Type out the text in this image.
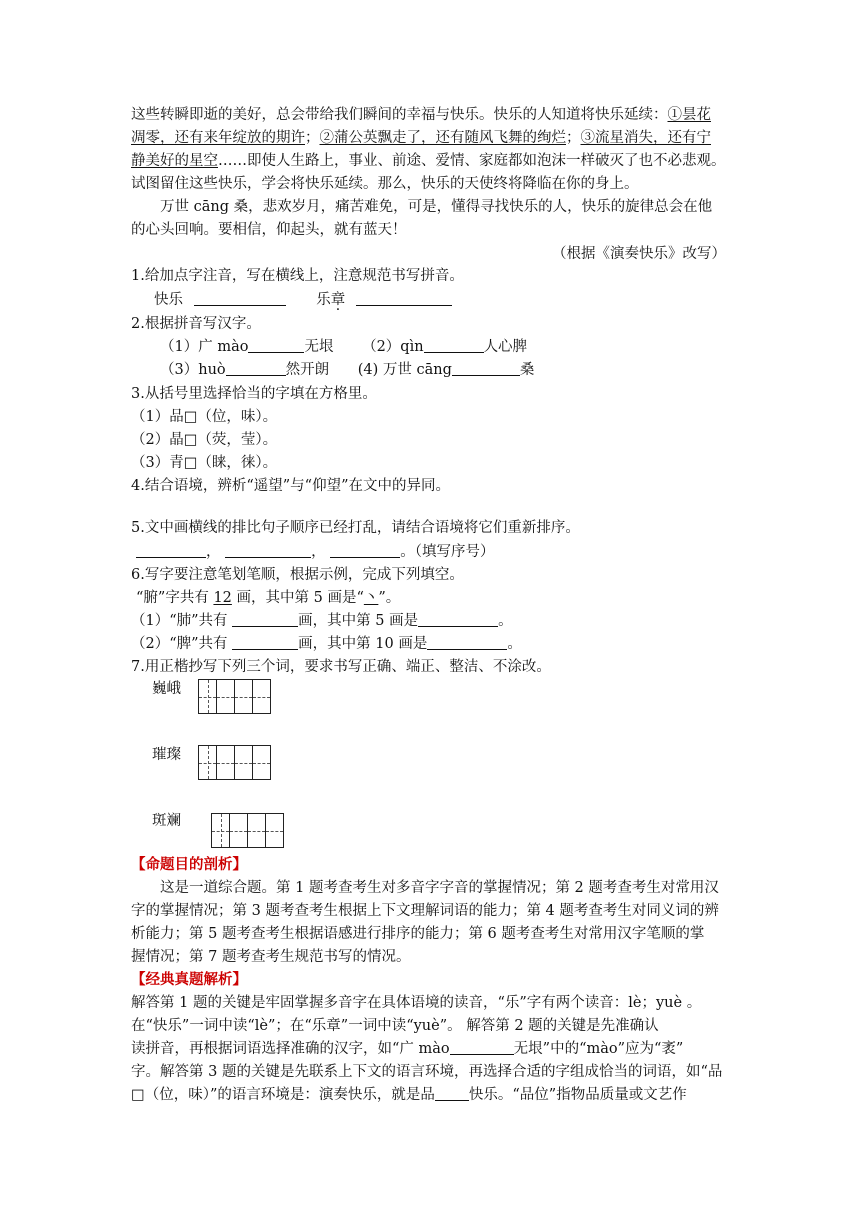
这些转瞬即逝的美好，总会带给我们瞬间的幸福与快乐。快乐的人知道将快乐延续：①昙花
凋零，还有来年绽放的期许；②蒲公英飘走了，还有随风飞舞的绚烂；③流星消失，还有宁
静美好的星空……即使人生路上，事业、前途、爱情、家庭都如泡沫一样破灭了也不必悲观。
试图留住这些快乐，学会将快乐延续。那么，快乐的天使终将降临在你的身上。
万世 cāng 桑，悲欢岁月，痛苦难免，可是，懂得寻找快乐的人，快乐的旋律总会在他
的心头回响。要相信，仰起头，就有蓝天！
（根据《演奏快乐》改写）
1.给加点字注音，写在横线上，注意规范书写拼音。
快乐	乐章
2.根据拼音写汉字。
（1）广 mào	无垠 （2）qìn	人心脾
（3）huò	然开朗 (4) 万世 cāng	桑
3.从括号里选择恰当的字填在方格里。
（1）品□（位，味）。
（2）晶□（荧，莹）。
（3）青□（睐，徕）。
4.结合语境，辨析“遥望”与“仰望”在文中的异同。
5.文中画横线的排比句子顺序已经打乱，请结合语境将它们重新排序。
，	，	。（填写序号）
6.写字要注意笔划笔顺，根据示例，完成下列填空。
“腑”字共有 12 画，其中第 5 画是“丶”。
（1）“肺”共有	画，其中第 5 画是	。
（2）“脾”共有	画，其中第 10 画是	。
7.用正楷抄写下列三个词，要求书写正确、端正、整洁、不涂改。
巍峨
璀璨
斑斓
【命题目的剖析】
这是一道综合题。第 1 题考查考生对多音字字音的掌握情况；第 2 题考查考生对常用汉
字的掌握情况；第 3 题考查考生根据上下文理解词语的能力；第 4 题考查考生对同义词的辨
析能力；第 5 题考查考生根据语感进行排序的能力；第 6 题考查考生对常用汉字笔顺的掌
握情况；第 7 题考查考生规范书写的情况。
【经典真题解析】
解答第 1 题的关键是牢固掌握多音字在具体语境的读音，“乐”字有两个读音：lè；yuè 。
在“快乐”一词中读“lè”；在“乐章”一词中读“yuè”。 解答第 2 题的关键是先准确认
读拼音，再根据词语选择准确的汉字，如“广 mào	无垠”中的“mào”应为“袤”
字。解答第 3 题的关键是先联系上下文的语言环境，再选择合适的字组成恰当的词语，如“品
□（位，味）”的语言环境是：演奏快乐，就是品 快乐。“品位”指物品质量或文艺作
